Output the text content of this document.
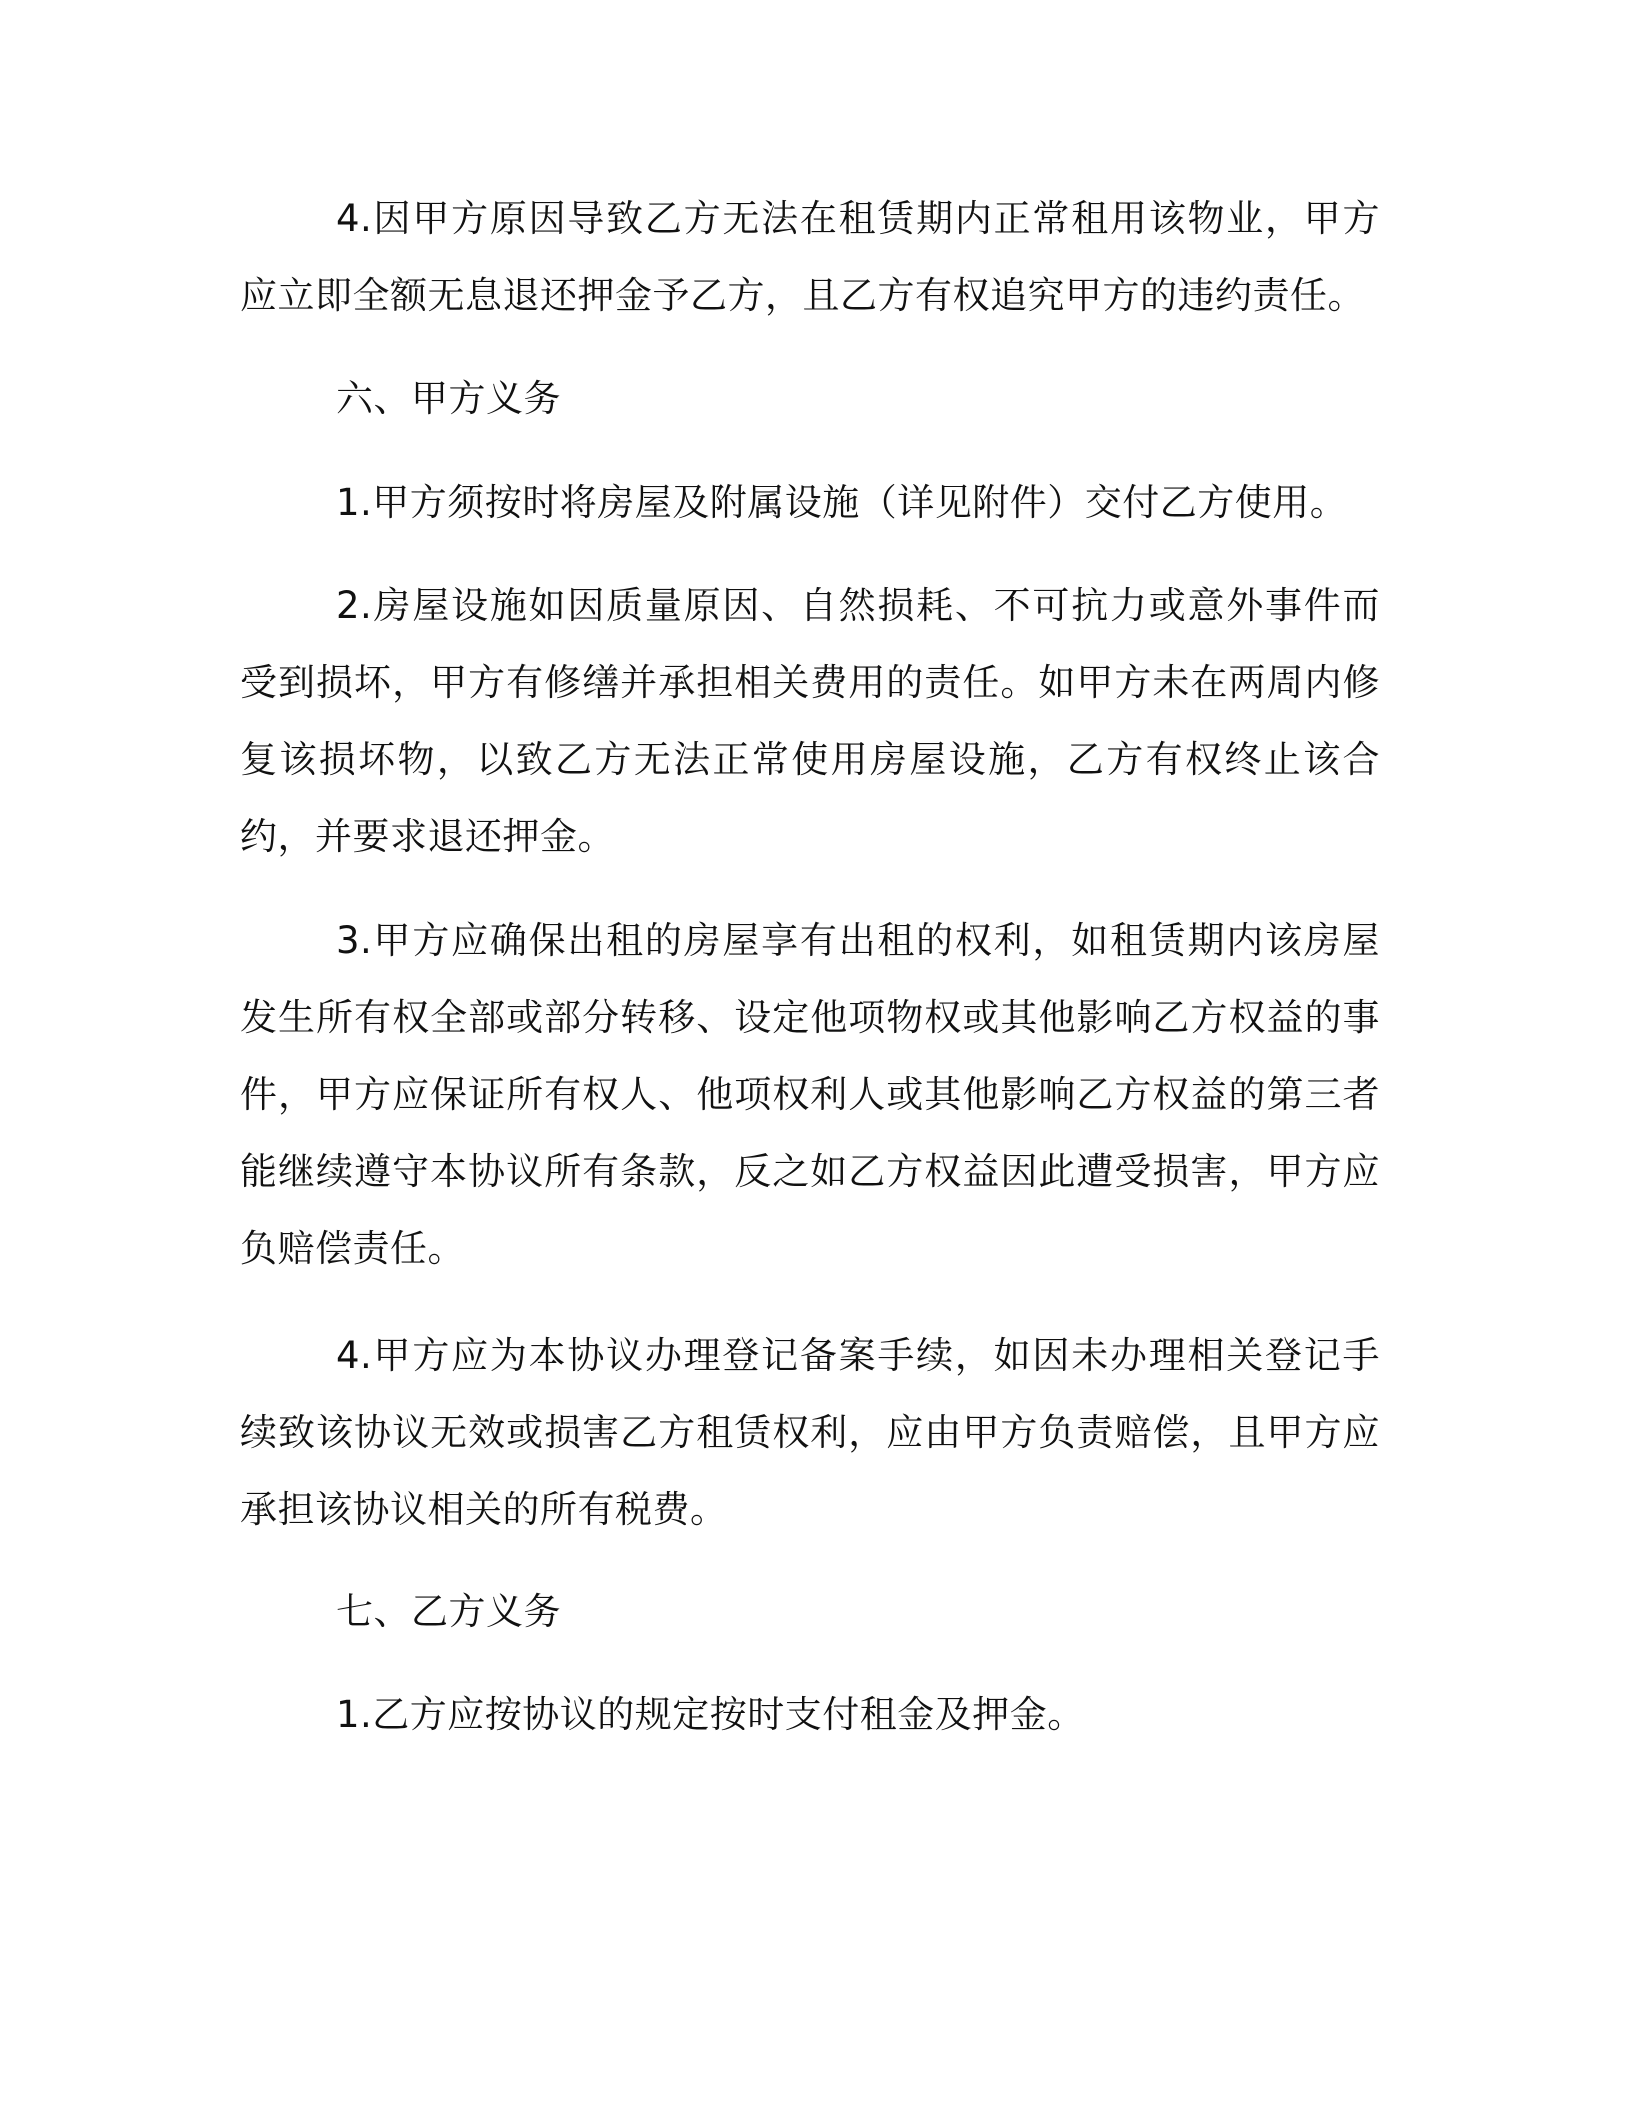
4.因甲方原因导致乙方无法在租赁期内正常租用该物业，甲方应立即全额无息退还押金予乙方，且乙方有权追究甲方的违约责任。

六、甲方义务

1.甲方须按时将房屋及附属设施（详见附件）交付乙方使用。

2.房屋设施如因质量原因、自然损耗、不可抗力或意外事件而受到损坏，甲方有修缮并承担相关费用的责任。如甲方未在两周内修复该损坏物，以致乙方无法正常使用房屋设施，乙方有权终止该合约，并要求退还押金。

3.甲方应确保出租的房屋享有出租的权利，如租赁期内该房屋发生所有权全部或部分转移、设定他项物权或其他影响乙方权益的事件，甲方应保证所有权人、他项权利人或其他影响乙方权益的第三者能继续遵守本协议所有条款，反之如乙方权益因此遭受损害，甲方应负赔偿责任。

4.甲方应为本协议办理登记备案手续，如因未办理相关登记手续致该协议无效或损害乙方租赁权利，应由甲方负责赔偿，且甲方应承担该协议相关的所有税费。

七、乙方义务

1.乙方应按协议的规定按时支付租金及押金。
